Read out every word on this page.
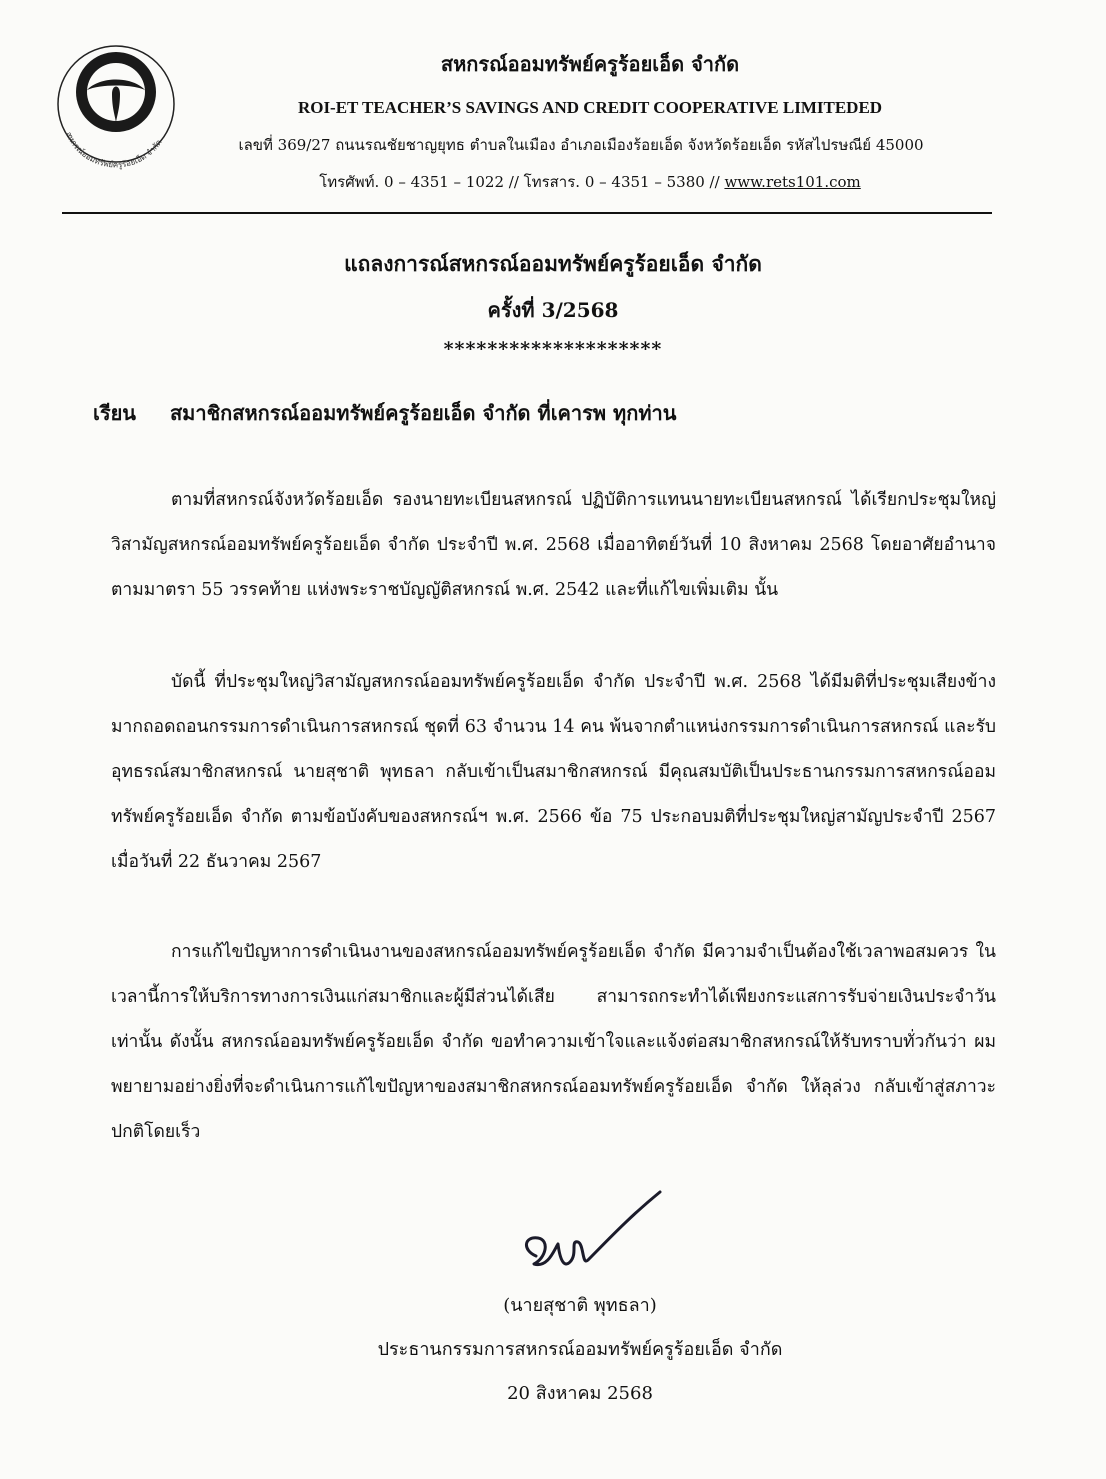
สหกรณ์ออมทรัพย์ครูร้อยเอ็ด จำกัด
สหกรณ์ออมทรัพย์ครูร้อยเอ็ด จำกัด
ROI-ET TEACHER’S SAVINGS AND CREDIT COOPERATIVE LIMITEDED
เลขที่ 369/27 ถนนรณชัยชาญยุทธ ตำบลในเมือง อำเภอเมืองร้อยเอ็ด จังหวัดร้อยเอ็ด รหัสไปรษณีย์ 45000
โทรศัพท์. 0 – 4351 – 1022 // โทรสาร. 0 – 4351 – 5380 // www.rets101.com
แถลงการณ์สหกรณ์ออมทรัพย์ครูร้อยเอ็ด จำกัด
ครั้งที่ 3/2568
********************
เรียน สมาชิกสหกรณ์ออมทรัพย์ครูร้อยเอ็ด จำกัด ที่เคารพ ทุกท่าน
ตามที่สหกรณ์จังหวัดร้อยเอ็ด รองนายทะเบียนสหกรณ์ ปฏิบัติการแทนนายทะเบียนสหกรณ์ ได้เรียกประชุมใหญ่วิสามัญสหกรณ์ออมทรัพย์ครูร้อยเอ็ด จำกัด ประจำปี พ.ศ. 2568 เมื่ออาทิตย์วันที่ 10 สิงหาคม 2568 โดยอาศัยอำนาจตามมาตรา 55 วรรคท้าย แห่งพระราชบัญญัติสหกรณ์ พ.ศ. 2542 และที่แก้ไขเพิ่มเติม นั้น
บัดนี้ ที่ประชุมใหญ่วิสามัญสหกรณ์ออมทรัพย์ครูร้อยเอ็ด จำกัด ประจำปี พ.ศ. 2568 ได้มีมติที่ประชุมเสียงข้างมากถอดถอนกรรมการดำเนินการสหกรณ์ ชุดที่ 63 จำนวน 14 คน พ้นจากตำแหน่งกรรมการดำเนินการสหกรณ์ และรับอุทธรณ์สมาชิกสหกรณ์ นายสุชาติ พุทธลา กลับเข้าเป็นสมาชิกสหกรณ์ มีคุณสมบัติเป็นประธานกรรมการสหกรณ์ออมทรัพย์ครูร้อยเอ็ด จำกัด ตามข้อบังคับของสหกรณ์ฯ พ.ศ. 2566 ข้อ 75 ประกอบมติที่ประชุมใหญ่สามัญประจำปี 2567 เมื่อวันที่ 22 ธันวาคม 2567
การแก้ไขปัญหาการดำเนินงานของสหกรณ์ออมทรัพย์ครูร้อยเอ็ด จำกัด มีความจำเป็นต้องใช้เวลาพอสมควร ในเวลานี้การให้บริการทางการเงินแก่สมาชิกและผู้มีส่วนได้เสีย สามารถกระทำได้เพียงกระแสการรับจ่ายเงินประจำวันเท่านั้น ดังนั้น สหกรณ์ออมทรัพย์ครูร้อยเอ็ด จำกัด ขอทำความเข้าใจและแจ้งต่อสมาชิกสหกรณ์ให้รับทราบทั่วกันว่า ผมพยายามอย่างยิ่งที่จะดำเนินการแก้ไขปัญหาของสมาชิกสหกรณ์ออมทรัพย์ครูร้อยเอ็ด จำกัด ให้ลุล่วง กลับเข้าสู่สภาวะปกติโดยเร็ว
(นายสุชาติ พุทธลา)
ประธานกรรมการสหกรณ์ออมทรัพย์ครูร้อยเอ็ด จำกัด
20 สิงหาคม 2568
